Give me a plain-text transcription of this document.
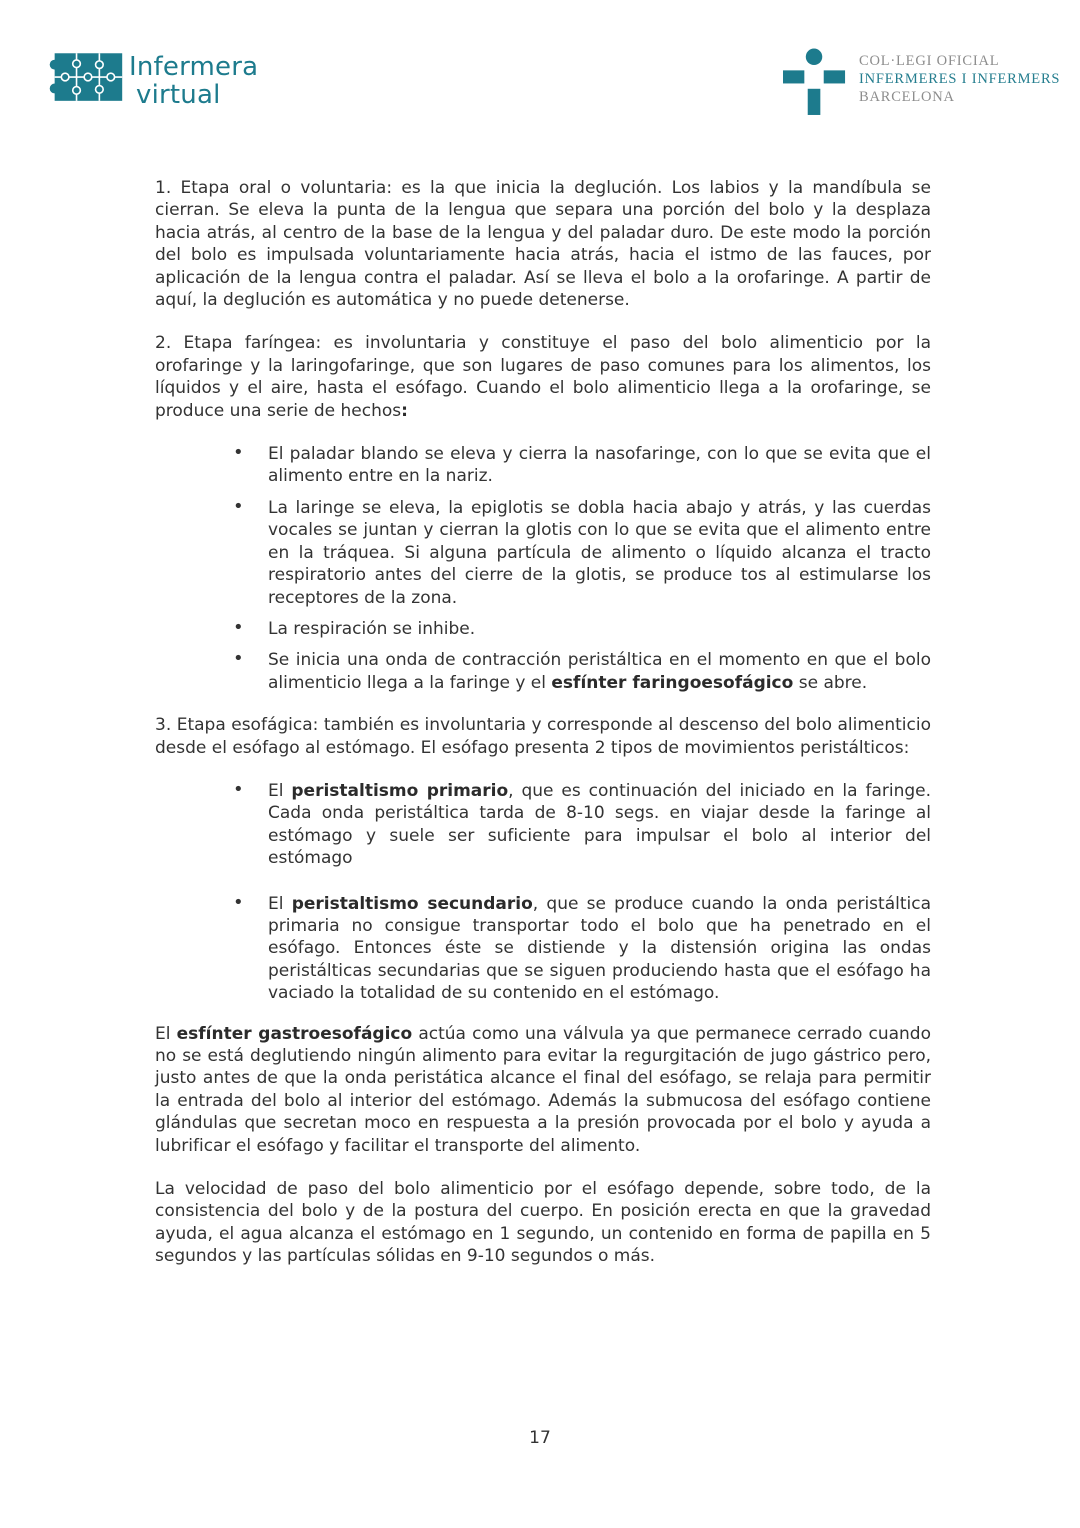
Infermera
virtual
COL·LEGI OFICIAL
INFERMERES I INFERMERS
BARCELONA

1. Etapa oral o voluntaria: es la que inicia la deglución. Los labios y la mandíbula se cierran. Se eleva la punta de la lengua que separa una porción del bolo y la desplaza hacia atrás, al centro de la base de la lengua y del paladar duro. De este modo la porción del bolo es impulsada voluntariamente hacia atrás, hacia el istmo de las fauces, por aplicación de la lengua contra el paladar. Así se lleva el bolo a la orofaringe. A partir de aquí, la deglución es automática y no puede detenerse.

2. Etapa faríngea: es involuntaria y constituye el paso del bolo alimenticio por la orofaringe y la laringofaringe, que son lugares de paso comunes para los alimentos, los líquidos y el aire, hasta el esófago. Cuando el bolo alimenticio llega a la orofaringe, se produce una serie de hechos:

• El paladar blando se eleva y cierra la nasofaringe, con lo que se evita que el alimento entre en la nariz.
• La laringe se eleva, la epiglotis se dobla hacia abajo y atrás, y las cuerdas vocales se juntan y cierran la glotis con lo que se evita que el alimento entre en la tráquea. Si alguna partícula de alimento o líquido alcanza el tracto respiratorio antes del cierre de la glotis, se produce tos al estimularse los receptores de la zona.
• La respiración se inhibe.
• Se inicia una onda de contracción peristáltica en el momento en que el bolo alimenticio llega a la faringe y el esfínter faringoesofágico se abre.

3. Etapa esofágica: también es involuntaria y corresponde al descenso del bolo alimenticio desde el esófago al estómago. El esófago presenta 2 tipos de movimientos peristálticos:

• El peristaltismo primario, que es continuación del iniciado en la faringe. Cada onda peristáltica tarda de 8-10 segs. en viajar desde la faringe al estómago y suele ser suficiente para impulsar el bolo al interior del estómago
• El peristaltismo secundario, que se produce cuando la onda peristáltica primaria no consigue transportar todo el bolo que ha penetrado en el esófago. Entonces éste se distiende y la distensión origina las ondas peristálticas secundarias que se siguen produciendo hasta que el esófago ha vaciado la totalidad de su contenido en el estómago.

El esfínter gastroesofágico actúa como una válvula ya que permanece cerrado cuando no se está deglutiendo ningún alimento para evitar la regurgitación de jugo gástrico pero, justo antes de que la onda peristática alcance el final del esófago, se relaja para permitir la entrada del bolo al interior del estómago. Además la submucosa del esófago contiene glándulas que secretan moco en respuesta a la presión provocada por el bolo y ayuda a lubrificar el esófago y facilitar el transporte del alimento.

La velocidad de paso del bolo alimenticio por el esófago depende, sobre todo, de la consistencia del bolo y de la postura del cuerpo. En posición erecta en que la gravedad ayuda, el agua alcanza el estómago en 1 segundo, un contenido en forma de papilla en 5 segundos y las partículas sólidas en 9-10 segundos o más.

17
